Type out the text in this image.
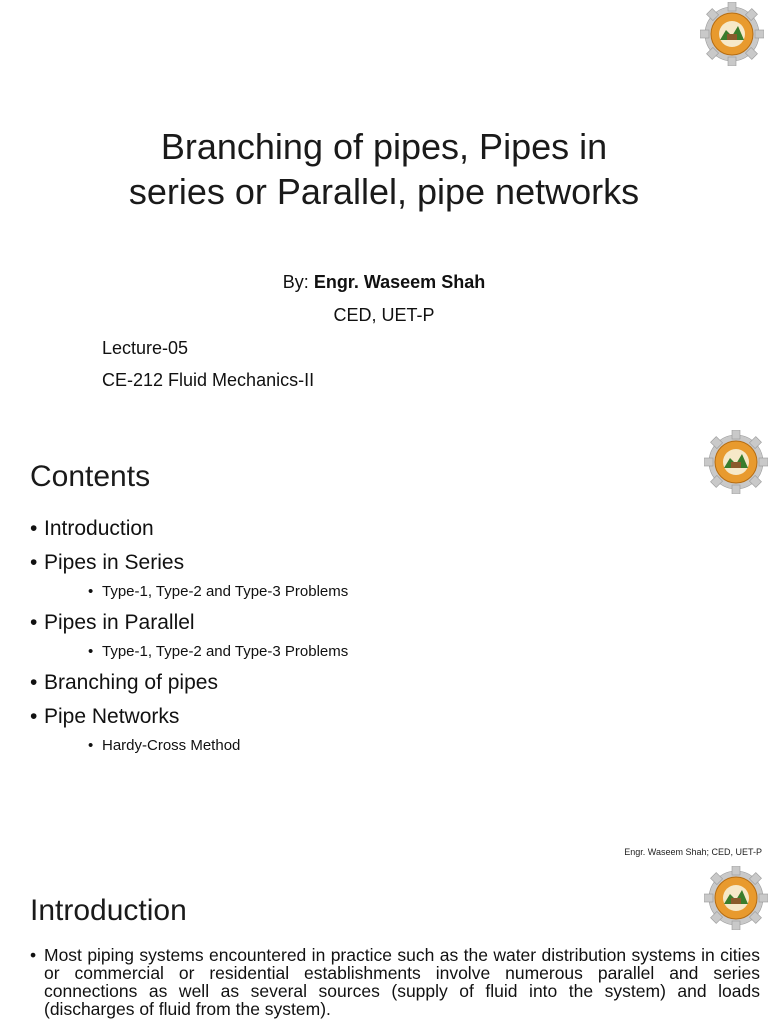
Branching of pipes, Pipes in
series or Parallel, pipe networks
By: Engr. Waseem Shah
CED, UET-P
Lecture-05
CE-212 Fluid Mechanics-II
Contents
• Introduction
• Pipes in Series
• Type-1, Type-2 and Type-3 Problems
• Pipes in Parallel
• Type-1, Type-2 and Type-3 Problems
• Branching of pipes
• Pipe Networks
• Hardy-Cross Method
Engr. Waseem Shah; CED, UET-P
Introduction
• Most piping systems encountered in practice such as the water distribution systems in cities or commercial or residential establishments involve numerous parallel and series connections as well as several sources (supply of fluid into the system) and loads (discharges of fluid from the system).
